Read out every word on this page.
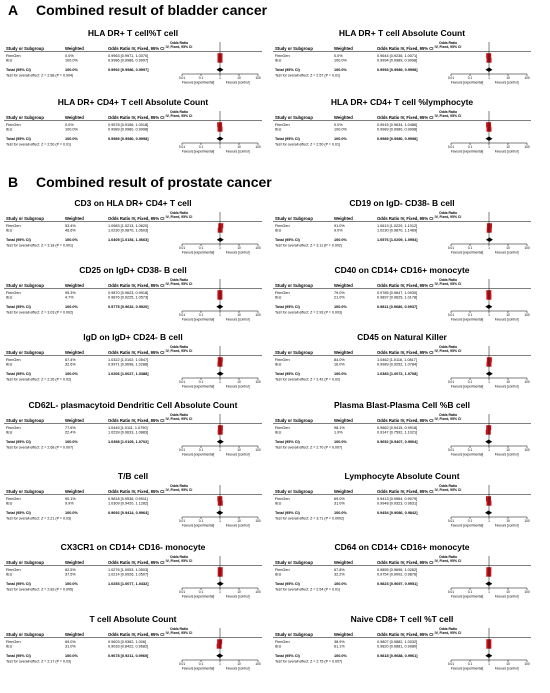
A Combined result of bladder cancer
B Combined result of prostate cancer
HLA DR+ T cell%T cell
Odds Ratio
IV, Fixed, 95% CI
Study or Subgroup	Weighted	Odds Ratio IV, Fixed, 95% CI
FinnGen	0.0%	0.9963 [0.9971, 1.0070]
IEU	100.0%	0.9986 [0.9986, 0.9997]
Total (95% CI)	100.0%	0.9992 [0.9986, 0.9997]
Test for overall effect: Z = 2.88 (P = 0.004)
0.01	0.1	1	10	100
Favours [experimental]	Favours [control]
HLA DR+ T cell Absolute Count
Odds Ratio
IV, Fixed, 95% CI
Study or Subgroup	Weighted	Odds Ratio IV, Fixed, 95% CI
FinnGen	0.0%	0.9644 [0.9236, 1.0071]
IEU	100.0%	0.9994 [0.9989, 0.9998]
Total (95% CI)	100.0%	0.9993 [0.9989, 0.9998]
Test for overall effect: Z = 2.57 (P = 0.01)
0.01	0.1	1	10	100
Favours [experimental]	Favours [control]
HLA DR+ CD4+ T cell Absolute Count
Odds Ratio
IV, Fixed, 95% CI
Study or Subgroup	Weighted	Odds Ratio IV, Fixed, 95% CI
FinnGen	0.0%	0.9578 [0.9156, 1.0018]
IEU	100.0%	0.9989 [0.9980, 0.9998]
Total (95% CI)	100.0%	0.9989 [0.9980, 0.9998]
Test for overall effect: Z = 2.50 (P = 0.01)
0.01	0.1	1	10	100
Favours [experimental]	Favours [control]
HLA DR+ CD4+ T cell %lymphocyte
Odds Ratio
IV, Fixed, 95% CI
Study or Subgroup	Weighted	Odds Ratio IV, Fixed, 95% CI
FinnGen	0.0%	0.9515 [0.9634, 1.0486]
IEU	100.0%	0.9989 [0.9980, 0.9998]
Total (95% CI)	100.0%	0.9989 [0.9980, 0.9998]
Test for overall effect: Z = 2.50 (P = 0.01)
0.01	0.1	1	10	100
Favours [experimental]	Favours [control]
CD3 on HLA DR+ CD4+ T cell
Odds Ratio
IV, Fixed, 95% CI
Study or Subgroup	Weighted	Odds Ratio IV, Fixed, 95% CI
FinnGen	53.4%	1.0983 [1.0213, 1.0620]
IEU	46.6%	1.0230 [0.9870, 1.0603]
Total (95% CI)	100.0%	1.0405 [1.0154, 1.0663]
Test for overall effect: Z = 3.18 (P = 0.001)
0.01	0.1	1	10	100
Favours [experimental]	Favours [control]
CD19 on IgD- CD38- B cell
Odds Ratio
IV, Fixed, 95% CI
Study or Subgroup	Weighted	Odds Ratio IV, Fixed, 95% CI
FinnGen	91.0%	1.0613 [1.0229, 1.1012]
IEU	9.0%	1.0230 [0.9870, 1.1469]
Total (95% CI)	100.0%	1.0576 [1.0209, 1.0954]
Test for overall effect: Z = 3.11 (P = 0.002)
0.01	0.1	1	10	100
Favours [experimental]	Favours [control]
CD25 on IgD+ CD38- B cell
Odds Ratio
IV, Fixed, 95% CI
Study or Subgroup	Weighted	Odds Ratio IV, Fixed, 95% CI
FinnGen	95.3%	0.9870 [0.9623, 0.9918]
IEU	4.7%	0.9876 [0.9225, 1.0573]
Total (95% CI)	100.0%	0.9775 [0.9632, 0.9920]
Test for overall effect: Z = 3.03 (P = 0.002)
0.01	0.1	1	10	100
Favours [experimental]	Favours [control]
CD40 on CD14+ CD16+ monocyte
Odds Ratio
IV, Fixed, 95% CI
Study or Subgroup	Weighted	Odds Ratio IV, Fixed, 95% CI
FinnGen	79.0%	0.9785 [0.9647, 1.0930]
IEU	21.0%	0.9897 [0.9625, 1.0178]
Total (95% CI)	100.0%	0.9811 [0.9686, 0.9937]
Test for overall effect: Z = 2.93 (P = 0.003)
0.01	0.1	1	10	100
Favours [experimental]	Favours [control]
IgD on IgD+ CD24- B cell
Odds Ratio
IV, Fixed, 95% CI
Study or Subgroup	Weighted	Odds Ratio IV, Fixed, 95% CI
FinnGen	67.4%	1.0322 [1.0102, 1.0547]
IEU	32.6%	0.9971 [0.9698, 1.0288]
Total (95% CI)	100.0%	1.0206 [1.0027, 1.0388]
Test for overall effect: Z = 2.26 (P = 0.02)
0.01	0.1	1	10	100
Favours [experimental]	Favours [control]
CD45 on Natural Killer
Odds Ratio
IV, Fixed, 95% CI
Study or Subgroup	Weighted	Odds Ratio IV, Fixed, 95% CI
FinnGen	84.0%	1.0462 [1.0116, 1.0817]
IEU	16.0%	0.9989 [0.9252, 1.0784]
Total (95% CI)	100.0%	1.0383 [1.0072, 1.0708]
Test for overall effect: Z = 2.42 (P = 0.02)
0.01	0.1	1	10	100
Favours [experimental]	Favours [control]
CD62L- plasmacytoid Dendritic Cell Absolute Count
Odds Ratio
IV, Fixed, 95% CI
Study or Subgroup	Weighted	Odds Ratio IV, Fixed, 95% CI
FinnGen	77.6%	1.0445 [1.0111, 1.0790]
IEU	22.4%	1.0239 [0.9633, 1.0883]
Total (95% CI)	100.0%	1.0398 [1.0105, 1.0702]
Test for overall effect: Z = 2.68 (P = 0.007)
0.01	0.1	1	10	100
Favours [experimental]	Favours [control]
Plasma Blast-Plasma Cell %B cell
Odds Ratio
IV, Fixed, 95% CI
Study or Subgroup	Weighted	Odds Ratio IV, Fixed, 95% CI
FinnGen	98.1%	0.9662 [0.9415, 0.9918]
IEU	1.9%	0.9147 [0.7592, 1.1021]
Total (95% CI)	100.0%	0.9652 [0.9407, 0.9904]
Test for overall effect: Z = 2.70 (P = 0.007)
0.01	0.1	1	10	100
Favours [experimental]	Favours [control]
T/B cell
Odds Ratio
IV, Fixed, 95% CI
Study or Subgroup	Weighted	Odds Ratio IV, Fixed, 95% CI
FinnGen	90.1%	0.9818 [0.9536, 0.9911]
IEU	9.9%	1.0309 [0.9420, 1.1282]
Total (95% CI)	100.0%	0.9692 [0.9414, 0.9964]
Test for overall effect: Z = 2.21 (P = 0.03)
0.01	0.1	1	10	100
Favours [experimental]	Favours [control]
Lymphocyte Absolute Count
Odds Ratio
IV, Fixed, 95% CI
Study or Subgroup	Weighted	Odds Ratio IV, Fixed, 95% CI
FinnGen	69.0%	0.9413 [0.9964, 0.9079]
IEU	31.0%	0.9948 [0.9323, 0.9631]
Total (95% CI)	100.0%	0.9454 [0.9086, 0.9842]
Test for overall effect: Z = 3.71 (P = 0.0002)
0.01	0.1	1	10	100
Favours [experimental]	Favours [control]
CX3CR1 on CD14+ CD16- monocyte
Odds Ratio
IV, Fixed, 95% CI
Study or Subgroup	Weighted	Odds Ratio IV, Fixed, 95% CI
FinnGen	62.5%	1.0276 [1.0053, 1.0503]
IEU	37.5%	1.0214 [0.9926, 1.0507]
Total (95% CI)	100.0%	1.0253 [1.0077, 1.0432]
Test for overall effect: Z = 2.83 (P = 0.005)
0.01	0.1	1	10	100
Favours [experimental]	Favours [control]
CD64 on CD14+ CD16+ monocyte
Odds Ratio
IV, Fixed, 95% CI
Study or Subgroup	Weighted	Odds Ratio IV, Fixed, 95% CI
FinnGen	67.8%	0.9855 [0.9696, 1.0262]
IEU	32.2%	0.9754 [0.9002, 0.9876]
Total (95% CI)	100.0%	0.9823 [0.9697, 0.9951]
Test for overall effect: Z = 2.54 (P = 0.01)
0.01	0.1	1	10	100
Favours [experimental]	Favours [control]
T cell Absolute Count
Odds Ratio
IV, Fixed, 95% CI
Study or Subgroup	Weighted	Odds Ratio IV, Fixed, 95% CI
FinnGen	69.0%	0.9603 [0.9362, 1.006]
IEU	31.0%	0.9033 [0.8422, 0.9682]
Total (95% CI)	100.0%	0.9678 [0.9211, 0.9960]
Test for overall effect: Z = 2.17 (P = 0.03)
0.01	0.1	1	10	100
Favours [experimental]	Favours [control]
Naive CD8+ T cell %T cell
Odds Ratio
IV, Fixed, 95% CI
Study or Subgroup	Weighted	Odds Ratio IV, Fixed, 95% CI
FinnGen	38.9%	0.9807 [0.9882, 1.0032]
IEU	61.1%	0.9820 [0.9881, 0.9980]
Total (95% CI)	100.0%	0.9818 [0.9688, 0.9961]
Test for overall effect: Z = 2.75 (P = 0.007)
0.01	0.1	1	10	100
Favours [experimental]	Favours [control]
